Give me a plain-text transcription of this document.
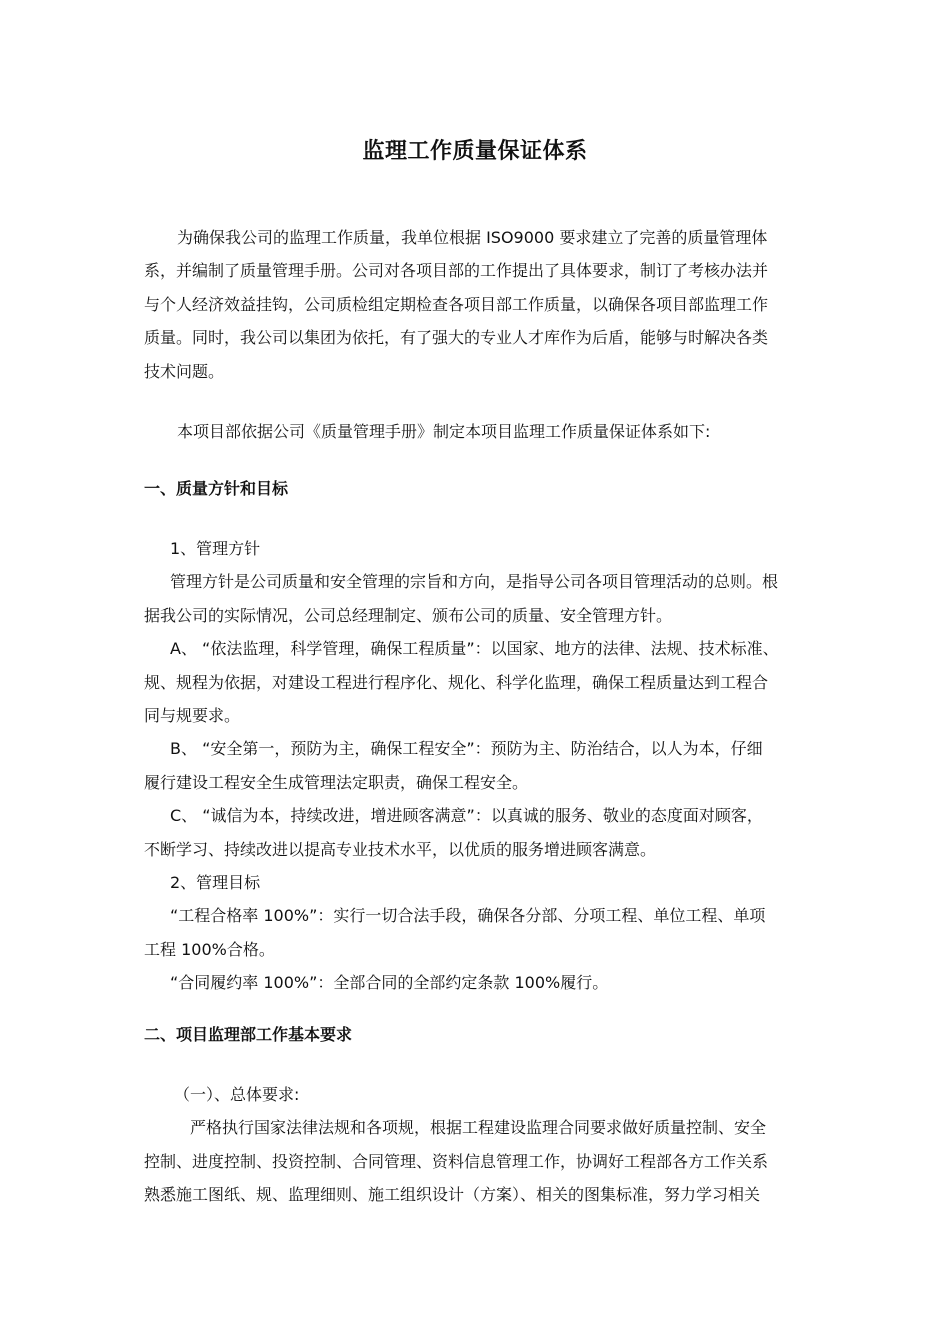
监理工作质量保证体系
为确保我公司的监理工作质量，我单位根据 ISO9000 要求建立了完善的质量管理体
系，并编制了质量管理手册。公司对各项目部的工作提出了具体要求，制订了考核办法并
与个人经济效益挂钩，公司质检组定期检查各项目部工作质量，以确保各项目部监理工作
质量。同时，我公司以集团为依托，有了强大的专业人才库作为后盾，能够与时解决各类
技术问题。
本项目部依据公司《质量管理手册》制定本项目监理工作质量保证体系如下:
一、质量方针和目标
1、管理方针
管理方针是公司质量和安全管理的宗旨和方向，是指导公司各项目管理活动的总则。根
据我公司的实际情况，公司总经理制定、颁布公司的质量、安全管理方针。
A、 “依法监理，科学管理，确保工程质量”：以国家、地方的法律、法规、技术标准、
规、规程为依据，对建设工程进行程序化、规化、科学化监理，确保工程质量达到工程合
同与规要求。
B、 “安全第一，预防为主，确保工程安全”：预防为主、防治结合，以人为本，仔细
履行建设工程安全生成管理法定职责，确保工程安全。
C、 “诚信为本，持续改进，增进顾客满意”：以真诚的服务、敬业的态度面对顾客，
不断学习、持续改进以提高专业技术水平，以优质的服务增进顾客满意。
2、管理目标
“工程合格率 100%”：实行一切合法手段，确保各分部、分项工程、单位工程、单项
工程 100%合格。
“合同履约率 100%”：全部合同的全部约定条款 100%履行。
二、项目监理部工作基本要求
（一）、总体要求:
严格执行国家法律法规和各项规，根据工程建设监理合同要求做好质量控制、安全
控制、进度控制、投资控制、合同管理、资料信息管理工作，协调好工程部各方工作关系
熟悉施工图纸、规、监理细则、施工组织设计（方案）、相关的图集标准，努力学习相关
